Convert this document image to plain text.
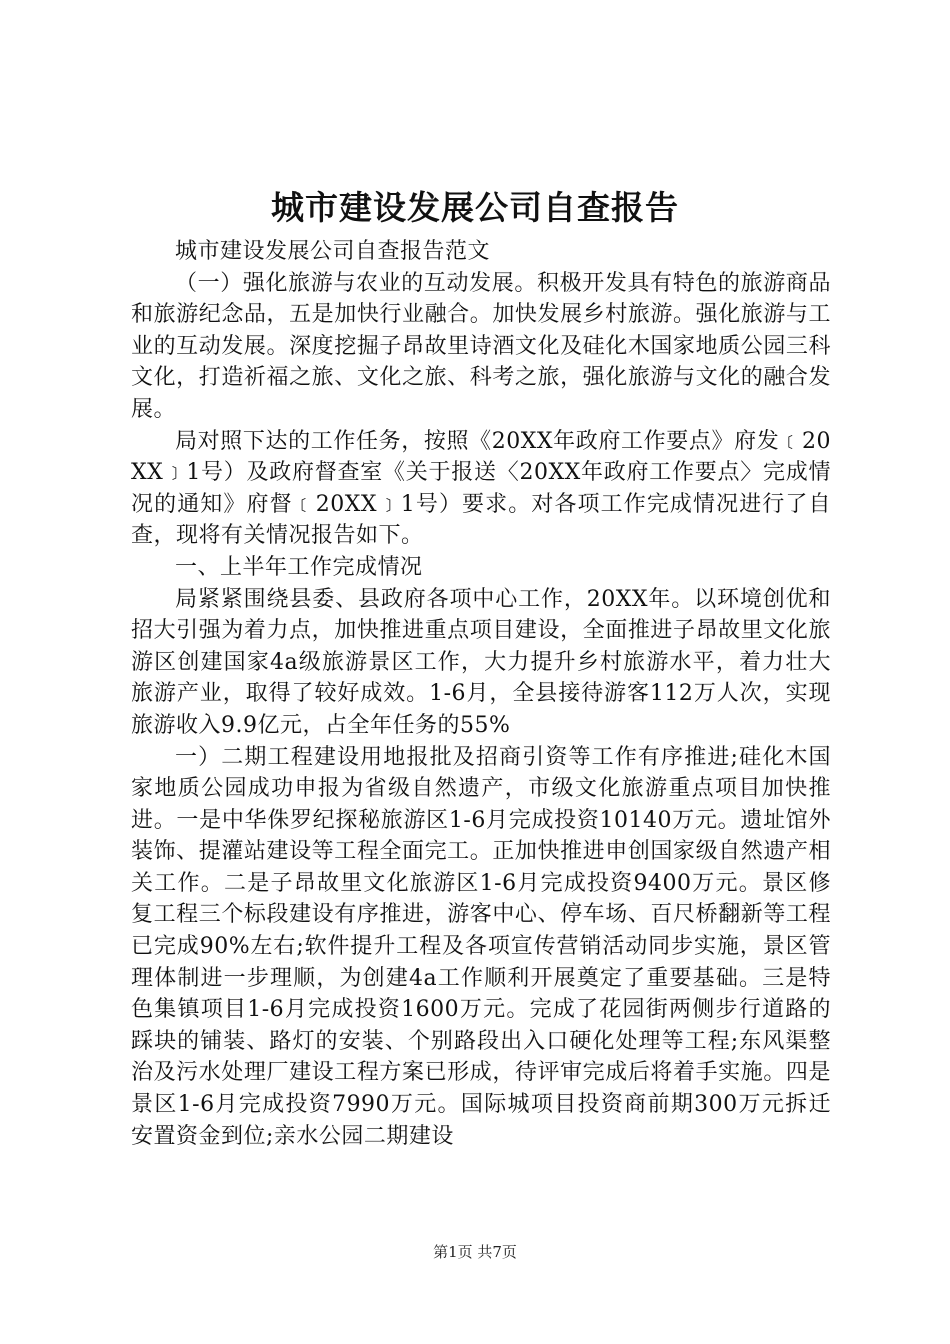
城市建设发展公司自查报告

城市建设发展公司自查报告范文

（一）强化旅游与农业的互动发展。积极开发具有特色的旅游商品和旅游纪念品，五是加快行业融合。加快发展乡村旅游。强化旅游与工业的互动发展。深度挖掘子昂故里诗酒文化及硅化木国家地质公园三科文化，打造祈福之旅、文化之旅、科考之旅，强化旅游与文化的融合发展。

局对照下达的工作任务，按照《20XX年政府工作要点》府发﹝20XX﹞1号）及政府督查室《关于报送〈20XX年政府工作要点〉完成情况的通知》府督﹝20XX﹞1号）要求。对各项工作完成情况进行了自查，现将有关情况报告如下。

一、上半年工作完成情况

局紧紧围绕县委、县政府各项中心工作，20XX年。以环境创优和招大引强为着力点，加快推进重点项目建设，全面推进子昂故里文化旅游区创建国家4a级旅游景区工作，大力提升乡村旅游水平，着力壮大旅游产业，取得了较好成效。1-6月，全县接待游客112万人次，实现旅游收入9.9亿元，占全年任务的55%

一）二期工程建设用地报批及招商引资等工作有序推进;硅化木国家地质公园成功申报为省级自然遗产，市级文化旅游重点项目加快推进。一是中华侏罗纪探秘旅游区1-6月完成投资10140万元。遗址馆外装饰、提灌站建设等工程全面完工。正加快推进申创国家级自然遗产相关工作。二是子昂故里文化旅游区1-6月完成投资9400万元。景区修复工程三个标段建设有序推进，游客中心、停车场、百尺桥翻新等工程已完成90%左右;软件提升工程及各项宣传营销活动同步实施，景区管理体制进一步理顺，为创建4a工作顺利开展奠定了重要基础。三是特色集镇项目1-6月完成投资1600万元。完成了花园街两侧步行道路的踩块的铺装、路灯的安装、个别路段出入口硬化处理等工程;东风渠整治及污水处理厂建设工程方案已形成，待评审完成后将着手实施。四是景区1-6月完成投资7990万元。国际城项目投资商前期300万元拆迁安置资金到位;亲水公园二期建设

第1页 共7页
